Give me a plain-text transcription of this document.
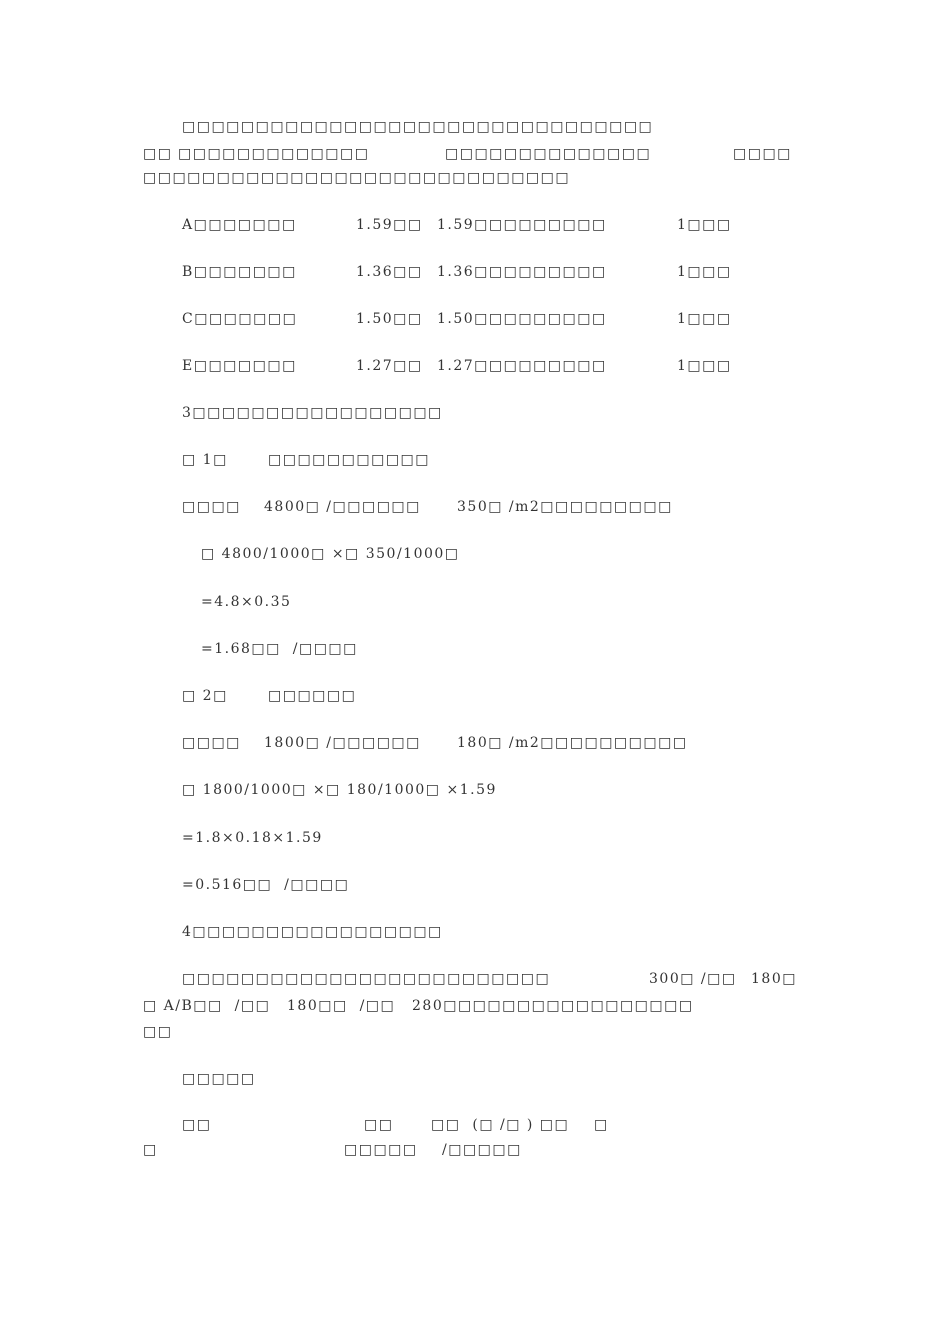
□□□□□□□□□□□□□□□□□□□□□□□□□□□□□□□□
□□ □□□□□□□□□□□□□	□□□□□□□□□□□□□□	□□□□
□□□□□□□□□□□□□□□□□□□□□□□□□□□□□
A□□□□□□□	1.59□□ 1.59□□□□□□□□□	1□□□
B□□□□□□□	1.36□□ 1.36□□□□□□□□□	1□□□
C□□□□□□□	1.50□□ 1.50□□□□□□□□□	1□□□
E□□□□□□□	1.27□□ 1.27□□□□□□□□□	1□□□
3□□□□□□□□□□□□□□□□□
□ 1□	□□□□□□□□□□□
□□□□ 4800□ /□□□□□□	350□ /m2□□□□□□□□□
□ 4800/1000□ ×□ 350/1000□
=4.8×0.35
=1.68□□  /□□□□
□ 2□	□□□□□□
□□□□ 1800□ /□□□□□□	180□ /m2□□□□□□□□□□
□ 1800/1000□ ×□ 180/1000□ ×1.59
=1.8×0.18×1.59
=0.516□□  /□□□□
4□□□□□□□□□□□□□□□□□
□□□□□□□□□□□□□□□□□□□□□□□□□	300□ /□□ 180□
□ A/B□□  /□□ 180□□  /□□ 280□□□□□□□□□□□□□□□□□
□□
□□□□□
□□	□□	□□  (□ /□ ) □□ □
□	□□□□□ /□□□□□
